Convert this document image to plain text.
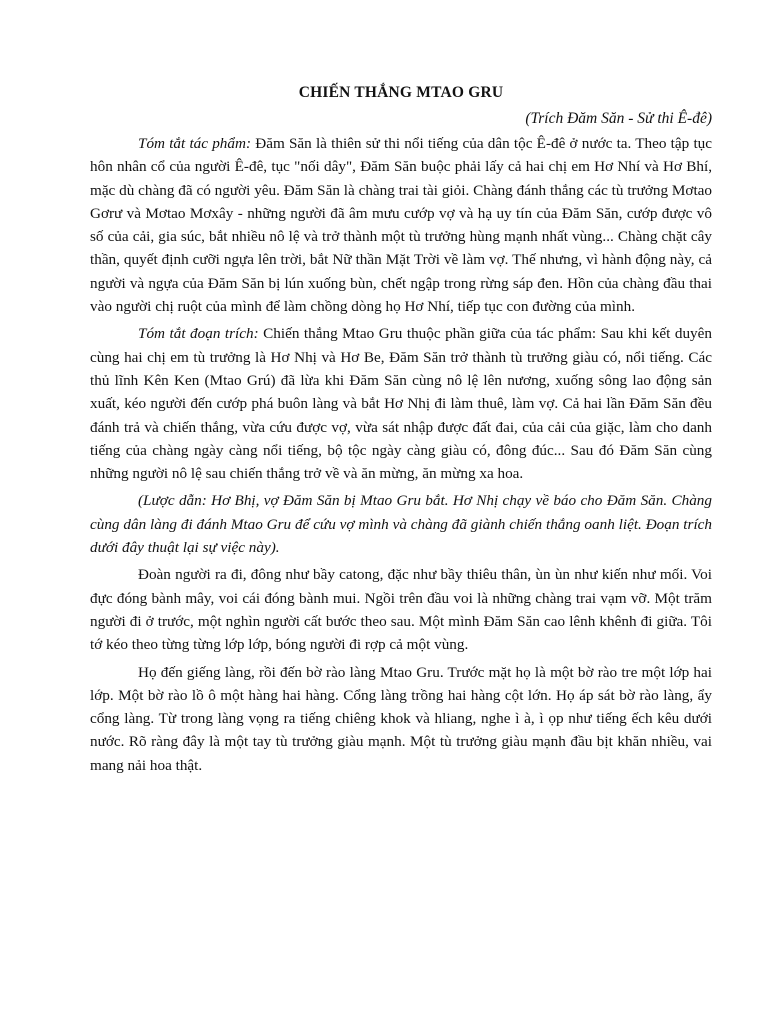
CHIẾN THẮNG MTAO GRU
(Trích Đăm Săn - Sử thi Ê-đê)

Tóm tắt tác phẩm: Đăm Săn là thiên sử thi nổi tiếng của dân tộc Ê-đê ở nước ta. Theo tập tục hôn nhân cổ của người Ê-đê, tục "nối dây", Đăm Săn buộc phải lấy cả hai chị em Hơ Nhí và Hơ Bhí, mặc dù chàng đã có người yêu. Đăm Săn là chàng trai tài giỏi. Chàng đánh thắng các tù trưởng Mơtao Gơrư và Mơtao Mơxây - những người đã âm mưu cướp vợ và hạ uy tín của Đăm Săn, cướp được vô số của cải, gia súc, bắt nhiều nô lệ và trở thành một tù trưởng hùng mạnh nhất vùng... Chàng chặt cây thần, quyết định cưỡi ngựa lên trời, bắt Nữ thần Mặt Trời về làm vợ. Thế nhưng, vì hành động này, cả người và ngựa của Đăm Săn bị lún xuống bùn, chết ngập trong rừng sáp đen. Hồn của chàng đầu thai vào người chị ruột của mình để làm chồng dòng họ Hơ Nhí, tiếp tục con đường của mình.

Tóm tắt đoạn trích: Chiến thắng Mtao Gru thuộc phần giữa của tác phẩm: Sau khi kết duyên cùng hai chị em tù trưởng là Hơ Nhị và Hơ Be, Đăm Săn trở thành tù trưởng giàu có, nổi tiếng. Các thủ lĩnh Kên Ken (Mtao Grú) đã lừa khi Đăm Săn cùng nô lệ lên nương, xuống sông lao động sản xuất, kéo người đến cướp phá buôn làng và bắt Hơ Nhị đi làm thuê, làm vợ. Cả hai lần Đăm Săn đều đánh trả và chiến thắng, vừa cứu được vợ, vừa sát nhập được đất đai, của cải của giặc, làm cho danh tiếng của chàng ngày càng nổi tiếng, bộ tộc ngày càng giàu có, đông đúc... Sau đó Đăm Săn cùng những người nô lệ sau chiến thắng trở về và ăn mừng, ăn mừng xa hoa.

(Lược dẫn: Hơ Bhị, vợ Đăm Săn bị Mtao Gru bắt. Hơ Nhị chạy về báo cho Đăm Săn. Chàng cùng dân làng đi đánh Mtao Gru để cứu vợ mình và chàng đã giành chiến thắng oanh liệt. Đoạn trích dưới đây thuật lại sự việc này).

Đoàn người ra đi, đông như bầy catong, đặc như bầy thiêu thân, ùn ùn như kiến như mối. Voi đực đóng bành mây, voi cái đóng bành mui. Ngồi trên đầu voi là những chàng trai vạm vỡ. Một trăm người đi ở trước, một nghìn người cất bước theo sau. Một mình Đăm Săn cao lênh khênh đi giữa. Tôi tớ kéo theo từng từng lớp lớp, bóng người đi rợp cả một vùng.

Họ đến giếng làng, rồi đến bờ rào làng Mtao Gru. Trước mặt họ là một bờ rào tre một lớp hai lớp. Một bờ rào lồ ô một hàng hai hàng. Cổng làng trồng hai hàng cột lớn. Họ áp sát bờ rào làng, ẩy cổng làng. Từ trong làng vọng ra tiếng chiêng khok và hliang, nghe ì à, ì ọp như tiếng ếch kêu dưới nước. Rõ ràng đây là một tay tù trưởng giàu mạnh. Một tù trưởng giàu mạnh đầu bịt khăn nhiều, vai mang nải hoa thật.
